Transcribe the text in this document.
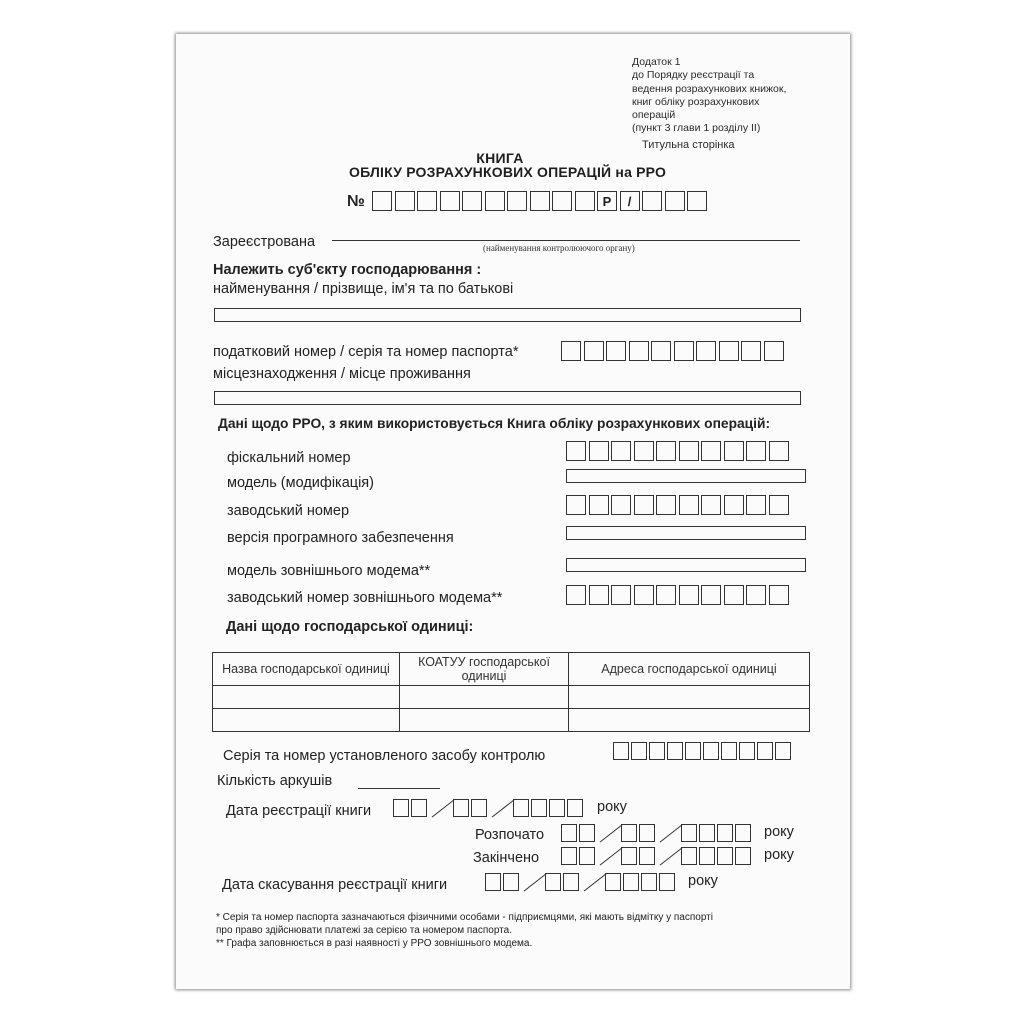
Додаток 1
до Порядку реєстрації та
ведення розрахункових книжок,
книг обліку розрахункових
операцій
(пункт 3 глави 1 розділу II)
Титульна сторінка
КНИГА
ОБЛІКУ РОЗРАХУНКОВИХ ОПЕРАЦІЙ на РРО
№	Р	/
Зареєстрована	(найменування контролюючого органу)
Належить суб'єкту господарювання :
найменування / прізвище, ім'я та по батькові
податковий номер / серія та номер паспорта*
місцезнаходження / місце проживання
Дані щодо РРО, з яким використовується Книга обліку розрахункових операцій:
фіскальний номер
модель (модифікація)
заводський номер
версія програмного забезпечення
модель зовнішнього модема**
заводський номер зовнішнього модема**
Дані щодо господарської одиниці:
Назва господарської одиниці	КОАТУУ господарської одиниці	Адреса господарської одиниці

Серія та номер установленого засобу контролю
Кількість аркушів
Дата реєстрації книги	року
Розпочато	року
Закінчено	року
Дата скасування реєстрації книги	року
* Серія та номер паспорта зазначаються фізичними особами - підприємцями, які мають відмітку у паспорті
про право здійснювати платежі за серією та номером паспорта.
** Графа заповнюється в разі наявності у РРО зовнішнього модема.
